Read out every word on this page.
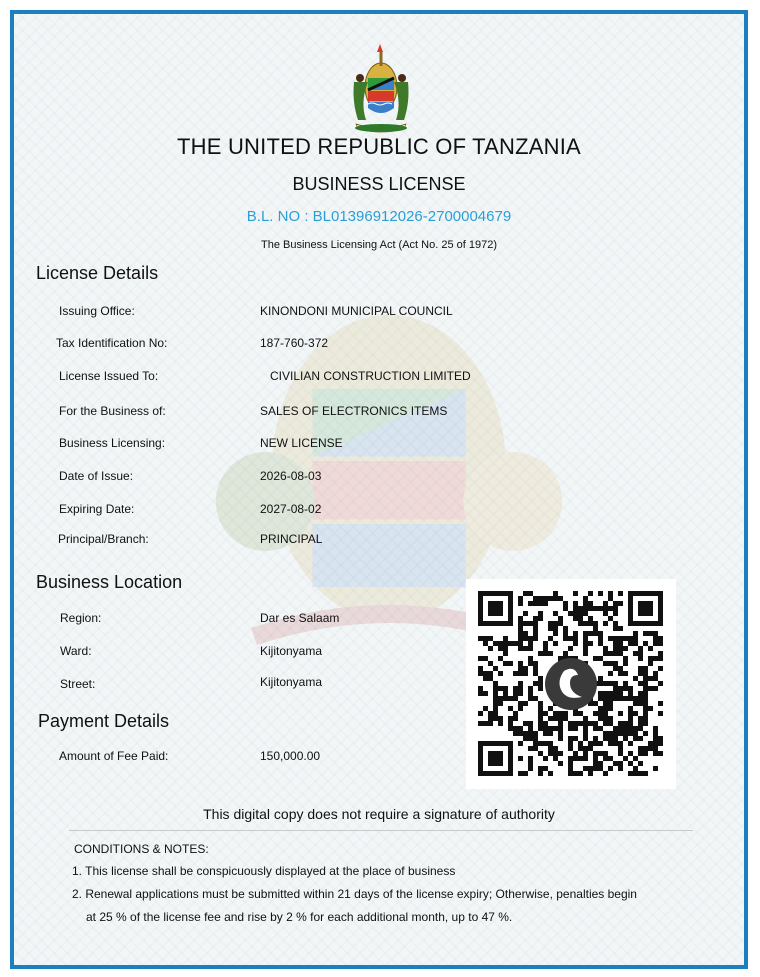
THE UNITED REPUBLIC OF TANZANIA
BUSINESS LICENSE
B.L. NO : BL01396912026-2700004679
The Business Licensing Act (Act No. 25 of 1972)
License Details
Issuing Office:	KINONDONI MUNICIPAL COUNCIL
Tax Identification No:	187-760-372
License Issued To:	CIVILIAN CONSTRUCTION LIMITED
For the Business of:	SALES OF ELECTRONICS ITEMS
Business Licensing:	NEW LICENSE
Date of Issue:	2026-08-03
Expiring Date:	2027-08-02
Principal/Branch:	PRINCIPAL
Business Location
Region:	Dar es Salaam
Ward:	Kijitonyama
Street:	Kijitonyama
Payment Details
Amount of Fee Paid:	150,000.00
This digital copy does not require a signature of authority
CONDITIONS & NOTES:
1. This license shall be conspicuously displayed at the place of business
2. Renewal applications must be submitted within 21 days of the license expiry; Otherwise, penalties begin
at 25 % of the license fee and rise by 2 % for each additional month, up to 47 %.
